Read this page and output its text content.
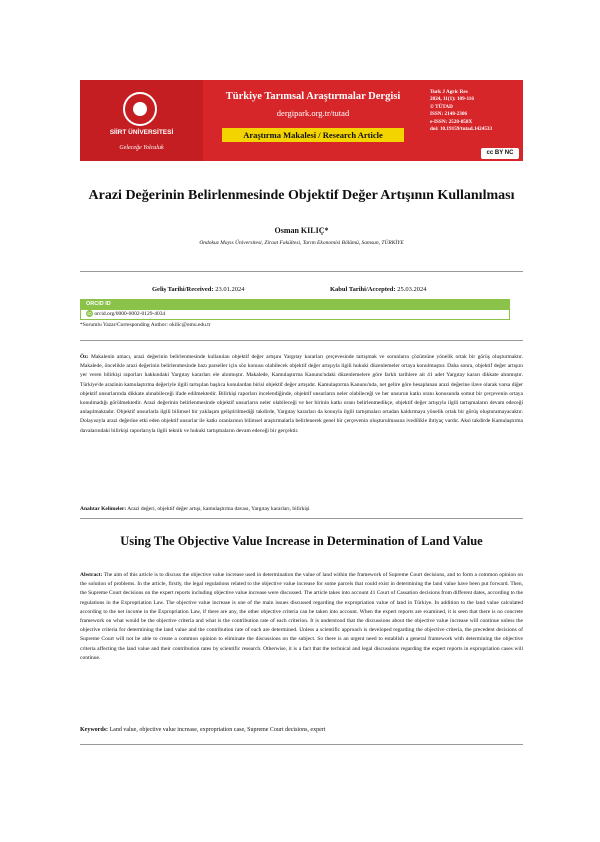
SİİRT ÜNİVERSİTESİ
Geleceğe Yolculuk
Türkiye Tarımsal Araştırmalar Dergisi
dergipark.org.tr/tutad
Araştırma Makalesi / Research Article
Turk J Agric Res
2024, 11(1): 109-116
© TÜTAD
ISSN: 2148-2306
e-ISSN: 2528-858X
doi: 10.19159/tutad.1424533
cc BY NC
Arazi Değerinin Belirlenmesinde Objektif Değer Artışının Kullanılması
Osman KILIÇ*
Ondokuz Mayıs Üniversitesi, Ziraat Fakültesi, Tarım Ekonomisi Bölümü, Samsun, TÜRKİYE
Geliş Tarihi/Received: 23.01.2024	Kabul Tarihi/Accepted: 25.03.2024
ORCID ID
iD orcid.org/0000-0002-0129-4034
*Sorumlu Yazar/Corresponding Author: okilic@omu.edu.tr
Öz: Makalenin amacı, arazi değerinin belirlenmesinde kullanılan objektif değer artışını Yargıtay kararları çerçevesinde tartışmak ve sorunların çözümüne yönelik ortak bir görüş oluşturmaktır. Makalede, öncelikle arazi değerinin belirlenmesinde bazı parseller için söz konusu olabilecek objektif değer artışıyla ilgili hukuki düzenlemeler ortaya konulmuştur. Daha sonra, objektif değer artışını yer veren bilirkişi raporları hakkındaki Yargıtay kararları ele alınmıştır. Makalede, Kamulaştırma Kanunu'ndaki düzenlemelere göre farklı tarihlere ait 41 adet Yargıtay kararı dikkate alınmıştır. Türkiye'de arazinin kamulaştırma değeriyle ilgili tartışılan başlıca konulardan birisi objektif değer artışıdır. Kamulaştırma Kanunu'nda, net gelire göre hesaplanan arazi değerine ilave olarak varsa diğer objektif unsurlarında dikkate alınabileceği ifade edilmektedir. Bilirkişi raporları incelendiğinde, objektif unsurların neler olabileceği ve her unsurun katkı oranı konusunda somut bir çerçevenin ortaya konulmadığı görülmektedir. Arazi değerinin belirlenmesinde objektif unsurların neler olabileceği ve her birinin katkı oranı belirlenmedikçe, objektif değer artışıyla ilgili tartışmaların devam edeceği anlaşılmaktadır. Objektif unsurlarla ilgili bilimsel bir yaklaşım geliştirilmediği takdirde, Yargıtay kararları da konuyla ilgili tartışmaları ortadan kaldırmaya yönelik ortak bir görüş oluşturamayacaktır. Dolayısıyla arazi değerine etki eden objektif unsurlar ile katkı oranlarının bilimsel araştırmalarla belirlenerek genel bir çerçevenin oluşturulmasına ivedilikle ihtiyaç vardır. Aksi takdirde Kamulaştırma davalarındaki bilirkişi raporlarıyla ilgili teknik ve hukuki tartışmaların devam edeceği bir gerçektir.
Anahtar Kelimeler: Arazi değeri, objektif değer artışı, kamulaştırma davası, Yargıtay kararları, bilirkişi
Using The Objective Value Increase in Determination of Land Value
Abstract: The aim of this article is to discuss the objective value increase used in determination the value of land within the framework of Supreme Court decisions, and to form a common opinion on the solution of problems. In the article, firstly, the legal regulations related to the objective value increase for some parcels that could exist in determining the land value have been put forward. Then, the Supreme Court decisions on the expert reports including objective value increase were discussed. The article takes into account 41 Court of Cassation decisions from different dates, according to the regulations in the Expropriation Law. The objective value increase is one of the main issues discussed regarding the expropriation value of land in Türkiye. In addition to the land value calculated according to the net income in the Expropriation Law, if there are any, the other objective criteria can be taken into account. When the expert reports are examined, it is seen that there is no concrete framework on what would be the objective criteria and what is the contribution rate of each criterion. It is understood that the discussions about the objective value increase will continue unless the objective criteria for determining the land value and the contribution rate of each are determined. Unless a scientific approach is developed regarding the objective criteria, the precedent decisions of Supreme Court will not be able to create a common opinion to eliminate the discussions on the subject. So there is an urgent need to establish a general framework with determining the objective criteria affecting the land value and their contribution rates by scientific research. Otherwise, it is a fact that the technical and legal discussions regarding the expert reports in expropriation cases will continue.
Keywords: Land value, objective value increase, expropriation case, Supreme Court decisions, expert
